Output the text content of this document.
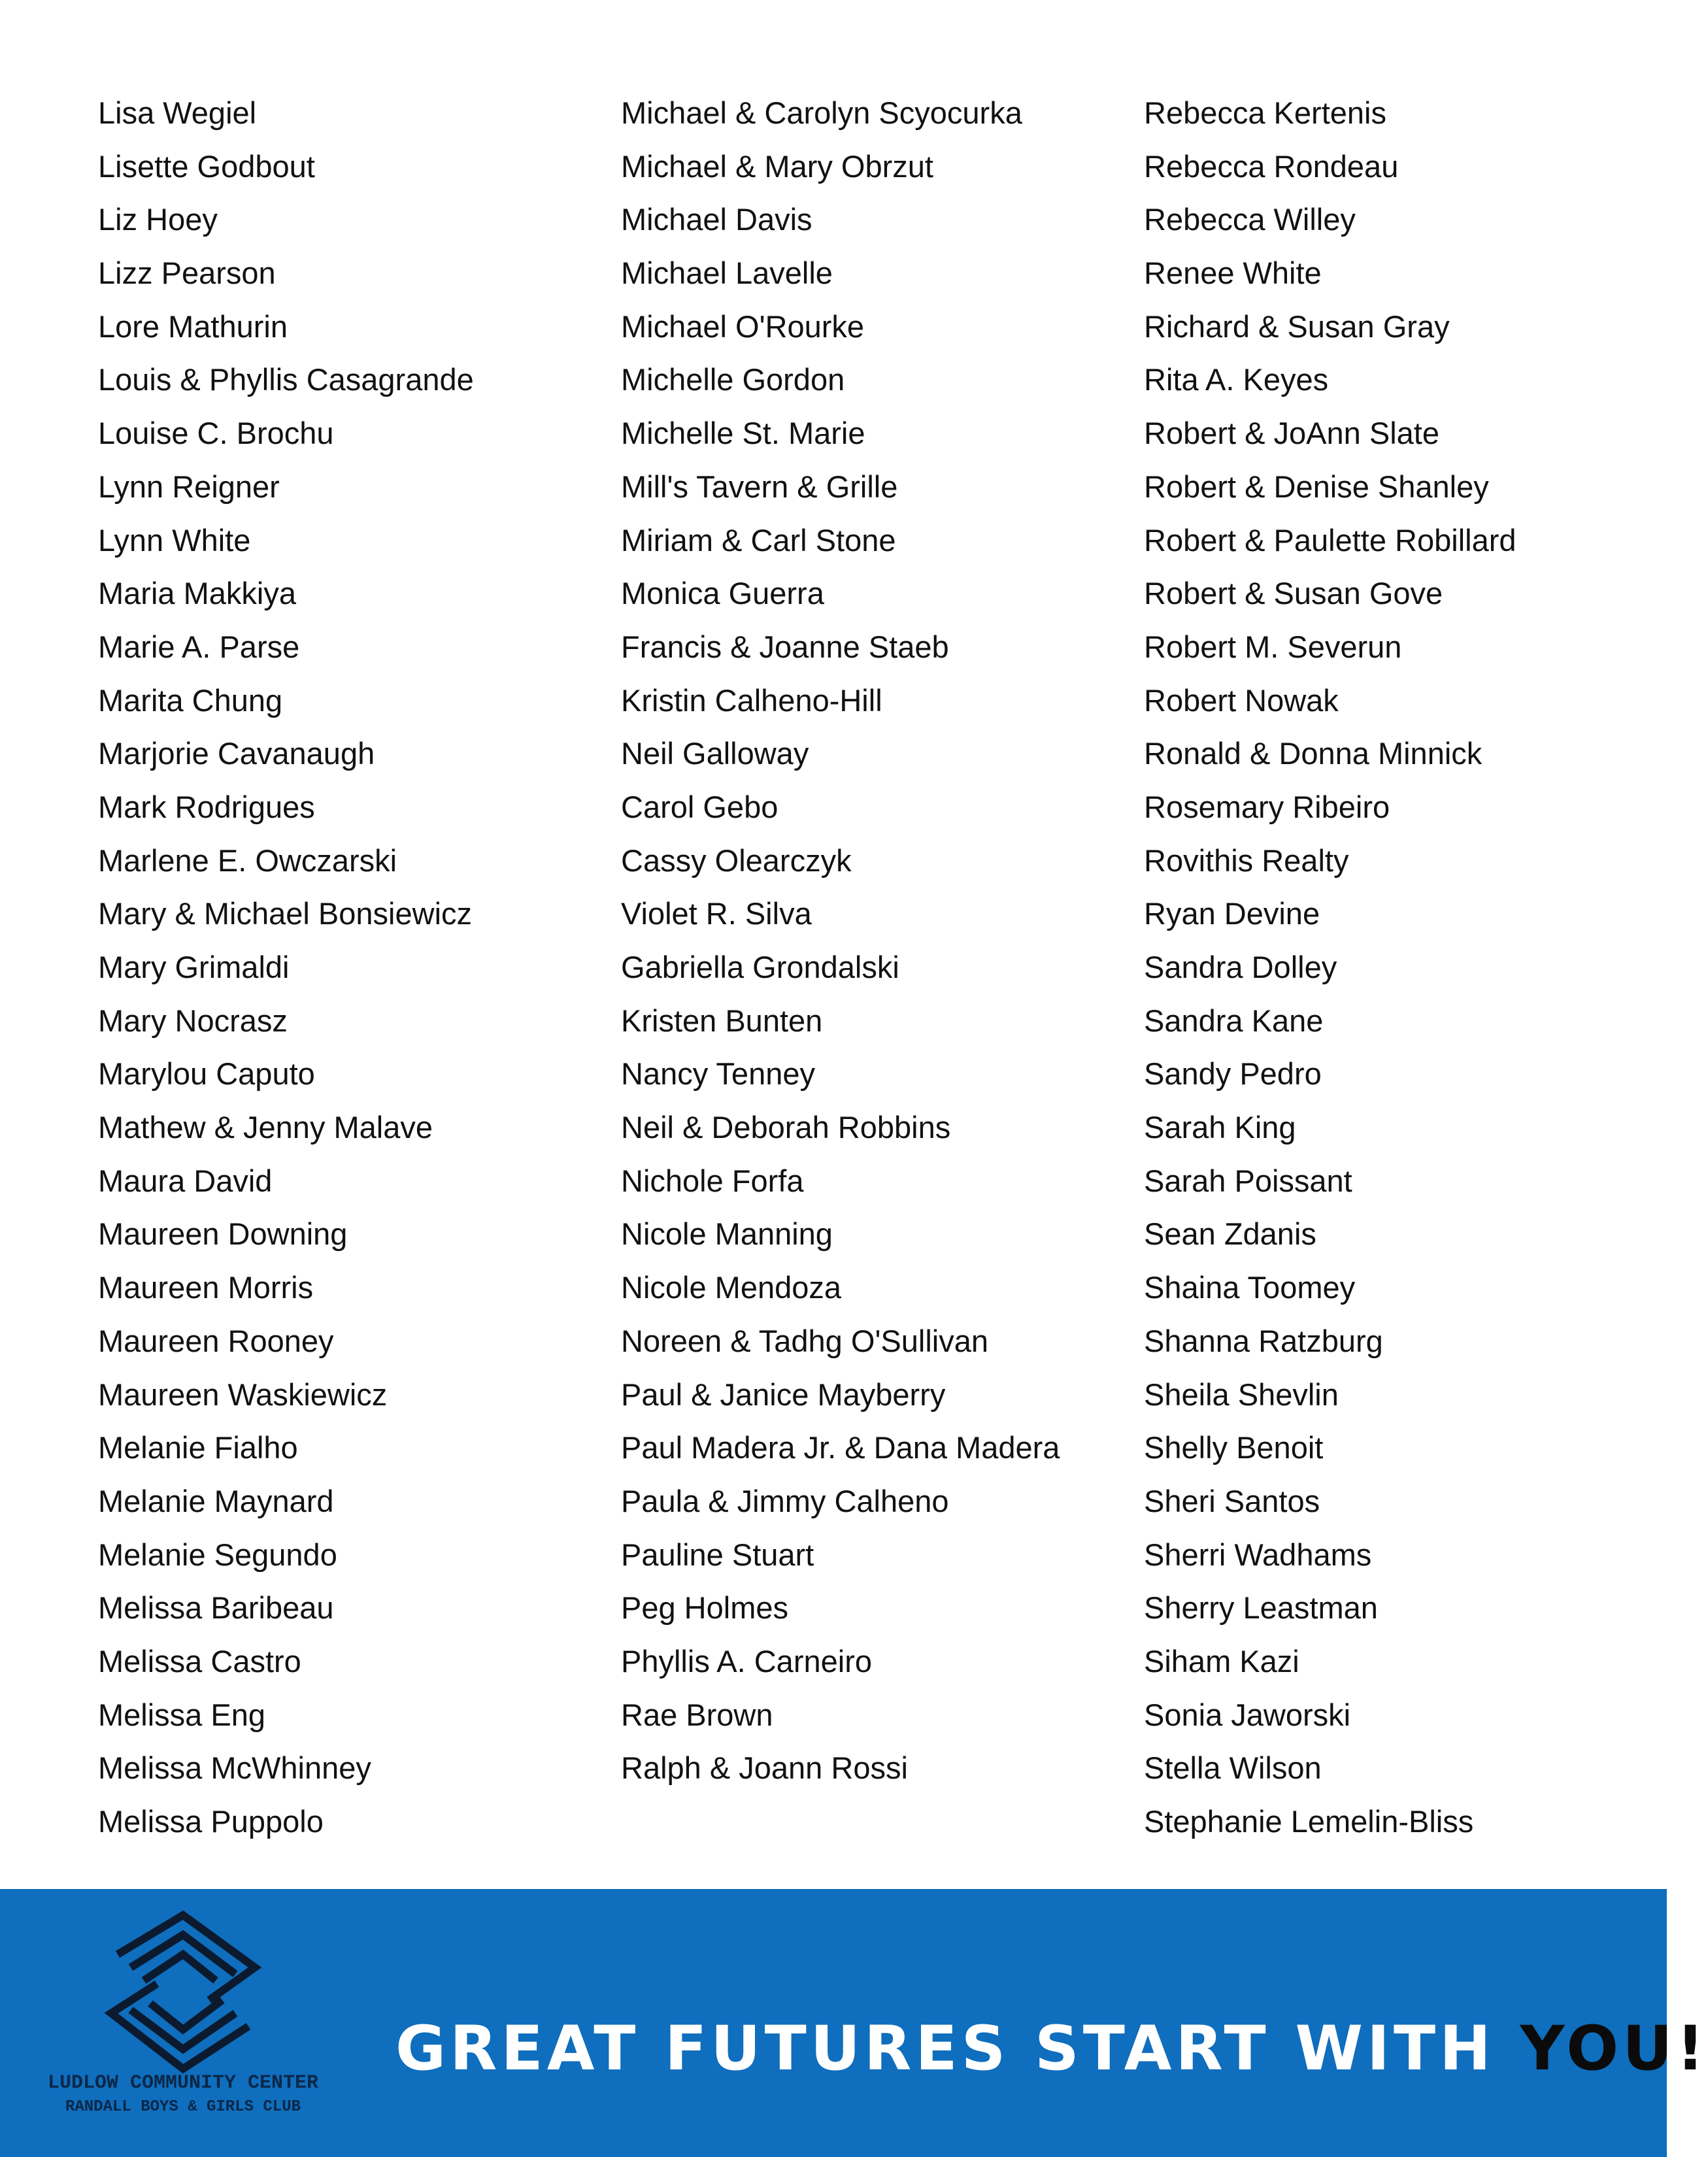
Lisa Wegiel
Lisette Godbout
Liz Hoey
Lizz Pearson
Lore Mathurin
Louis & Phyllis Casagrande
Louise C. Brochu
Lynn Reigner
Lynn White
Maria Makkiya
Marie A. Parse
Marita Chung
Marjorie Cavanaugh
Mark Rodrigues
Marlene E. Owczarski
Mary & Michael Bonsiewicz
Mary Grimaldi
Mary Nocrasz
Marylou Caputo
Mathew & Jenny Malave
Maura David
Maureen Downing
Maureen Morris
Maureen Rooney
Maureen Waskiewicz
Melanie Fialho
Melanie Maynard
Melanie Segundo
Melissa Baribeau
Melissa Castro
Melissa Eng
Melissa McWhinney
Melissa Puppolo
Michael & Carolyn Scyocurka
Michael & Mary Obrzut
Michael Davis
Michael Lavelle
Michael O'Rourke
Michelle Gordon
Michelle St. Marie
Mill's Tavern & Grille
Miriam & Carl Stone
Monica Guerra
Francis & Joanne Staeb
Kristin Calheno-Hill
Neil Galloway
Carol Gebo
Cassy Olearczyk
Violet R. Silva
Gabriella Grondalski
Kristen Bunten
Nancy Tenney
Neil & Deborah Robbins
Nichole Forfa
Nicole Manning
Nicole Mendoza
Noreen & Tadhg O'Sullivan
Paul & Janice Mayberry
Paul Madera Jr. & Dana Madera
Paula & Jimmy Calheno
Pauline Stuart
Peg Holmes
Phyllis A. Carneiro
Rae Brown
Ralph & Joann Rossi
Rebecca Kertenis
Rebecca Rondeau
Rebecca Willey
Renee White
Richard & Susan Gray
Rita A. Keyes
Robert & JoAnn Slate
Robert & Denise Shanley
Robert & Paulette Robillard
Robert & Susan Gove
Robert M. Severun
Robert Nowak
Ronald & Donna Minnick
Rosemary Ribeiro
Rovithis Realty
Ryan Devine
Sandra Dolley
Sandra Kane
Sandy Pedro
Sarah King
Sarah Poissant
Sean Zdanis
Shaina Toomey
Shanna Ratzburg
Sheila Shevlin
Shelly Benoit
Sheri Santos
Sherri Wadhams
Sherry Leastman
Siham Kazi
Sonia Jaworski
Stella Wilson
Stephanie Lemelin-Bliss
LUDLOW COMMUNITY CENTER
RANDALL BOYS & GIRLS CLUB
GREAT FUTURES START WITH YOU!
